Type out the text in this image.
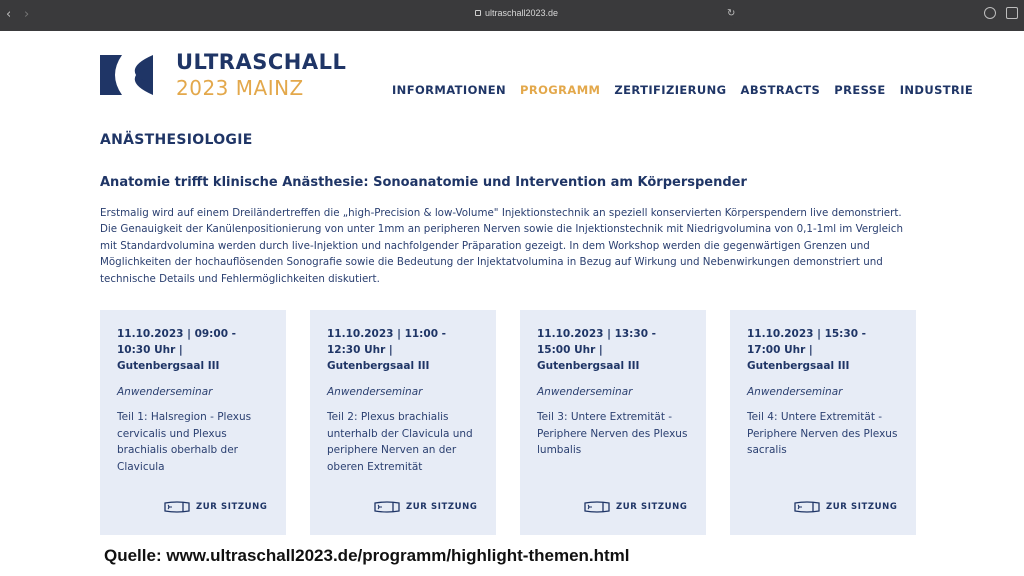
‹ ›	ultraschall2023.de	↻
ULTRASCHALL
2023 MAINZ	INFORMATIONEN PROGRAMM ZERTIFIZIERUNG ABSTRACTS PRESSE INDUSTRIE
ANÄSTHESIOLOGIE
Anatomie trifft klinische Anästhesie: Sonoanatomie und Intervention am Körperspender

Erstmalig wird auf einem Dreiländertreffen die „high-Precision & low-Volume" Injektionstechnik an speziell konservierten Körperspendern live demonstriert. Die Genauigkeit der Kanülenpositionierung von unter 1mm an peripheren Nerven sowie die Injektionstechnik mit Niedrigvolumina von 0,1-1ml im Vergleich mit Standardvolumina werden durch live-Injektion und nachfolgender Präparation gezeigt. In dem Workshop werden die gegenwärtigen Grenzen und Möglichkeiten der hochauflösenden Sonografie sowie die Bedeutung der Injektatvolumina in Bezug auf Wirkung und Nebenwirkungen demonstriert und technische Details und Fehlermöglichkeiten diskutiert.

11.10.2023 | 09:00 - 10:30 Uhr | Gutenbergsaal III
Anwenderseminar
Teil 1: Halsregion - Plexus cervicalis und Plexus brachialis oberhalb der Clavicula
ZUR SITZUNG
11.10.2023 | 11:00 - 12:30 Uhr | Gutenbergsaal III
Anwenderseminar
Teil 2: Plexus brachialis unterhalb der Clavicula und periphere Nerven an der oberen Extremität
ZUR SITZUNG
11.10.2023 | 13:30 - 15:00 Uhr | Gutenbergsaal III
Anwenderseminar
Teil 3: Untere Extremität - Periphere Nerven des Plexus lumbalis
ZUR SITZUNG
11.10.2023 | 15:30 - 17:00 Uhr | Gutenbergsaal III
Anwenderseminar
Teil 4: Untere Extremität - Periphere Nerven des Plexus sacralis
ZUR SITZUNG
Quelle: www.ultraschall2023.de/programm/highlight-themen.html
